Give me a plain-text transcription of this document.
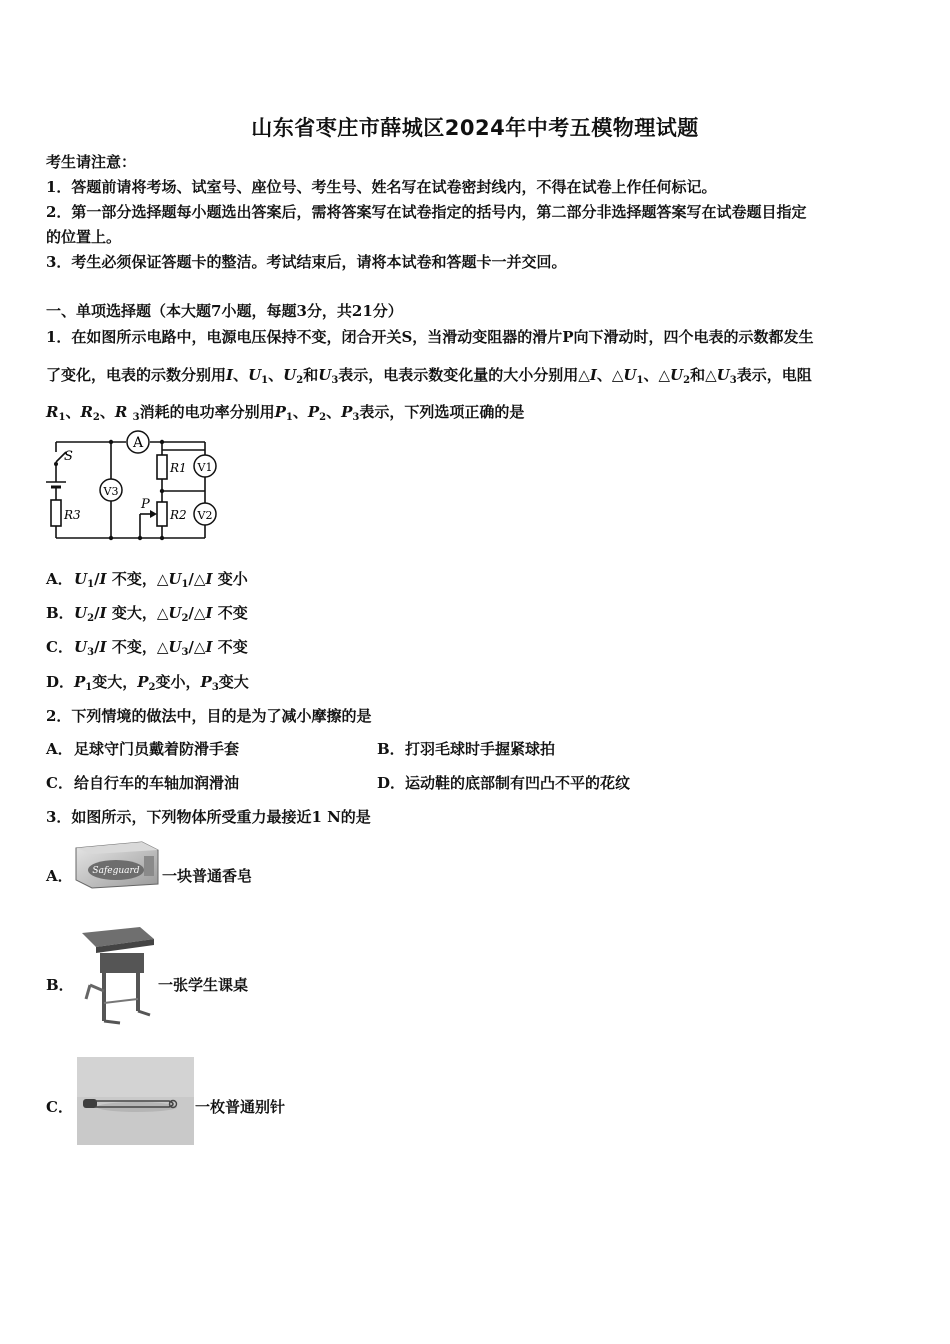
山东省枣庄市薛城区2024年中考五模物理试题
考生请注意：
1．答题前请将考场、试室号、座位号、考生号、姓名写在试卷密封线内，不得在试卷上作任何标记。
2．第一部分选择题每小题选出答案后，需将答案写在试卷指定的括号内，第二部分非选择题答案写在试卷题目指定
的位置上。
3．考生必须保证答题卡的整洁。考试结束后，请将本试卷和答题卡一并交回。
一、单项选择题（本大题7小题，每题3分，共21分）
1．在如图所示电路中，电源电压保持不变，闭合开关S，当滑动变阻器的滑片P向下滑动时，四个电表的示数都发生
了变化，电表的示数分别用I、$U_1$、$U_2$和$U_3$表示，电表示数变化量的大小分别用△I、$\triangle U_1$、$\triangle U_2$和$\triangle U_3$表示，电阻
$R_1$、$R_2$、R $_3$消耗的电功率分别用$P_1$、$P_2$、$P_3$表示，下列选项正确的是
A
V3
V1
V2
S
R1
R2
R3
P
A．$U_1/I$ 不变，$\triangle U_1/\triangle I$ 变小
B．$U_2/I$ 变大，$\triangle U_2/\triangle I$ 不变
C．$U_3/I$ 不变，$\triangle U_3/\triangle I$ 不变
D．$P_1$变大，$P_2$变小，$P_3$变大
2．下列情境的做法中，目的是为了减小摩擦的是
A．足球守门员戴着防滑手套	B．打羽毛球时手握紧球拍
C．给自行车的车轴加润滑油	D．运动鞋的底部制有凹凸不平的花纹
3．如图所示，下列物体所受重力最接近1 N的是
A． Safeguard 一块普通香皂
B．	一张学生课桌
C．	一枚普通别针
